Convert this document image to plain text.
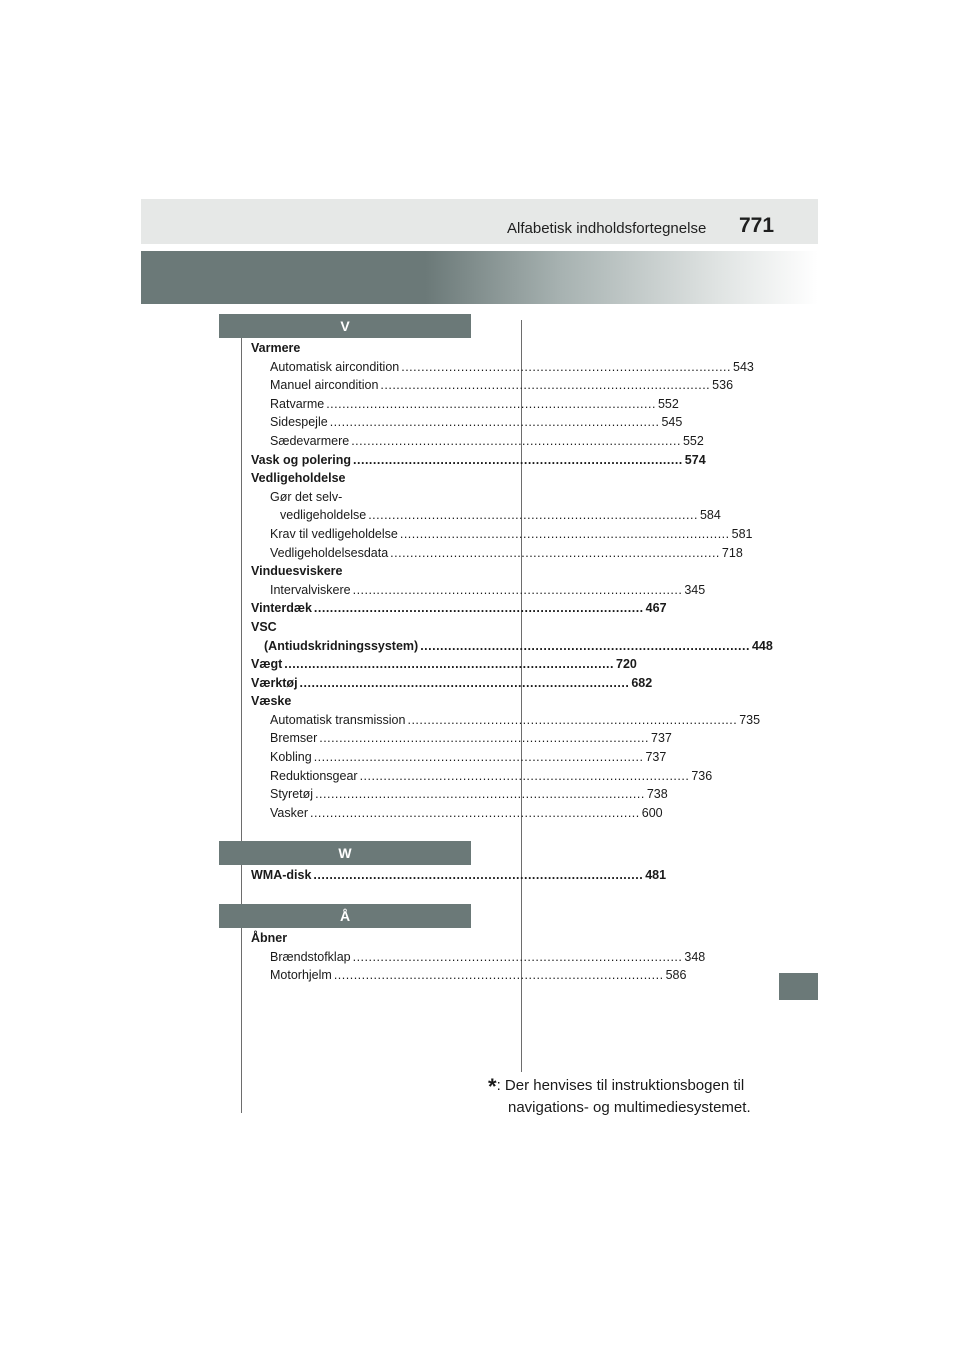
Alfabetisk indholdsfortegnelse 771
V
Varmere
Automatisk aircondition ................................................................................... 543
Manuel aircondition ................................................................................... 536
Ratvarme ................................................................................... 552
Sidespejle ................................................................................... 545
Sædevarmere ................................................................................... 552
Vask og polering ................................................................................... 574
Vedligeholdelse
Gør det selv-
vedligeholdelse ................................................................................... 584
Krav til vedligeholdelse ................................................................................... 581
Vedligeholdelsesdata ................................................................................... 718
Vinduesviskere
Intervalviskere ................................................................................... 345
Vinterdæk ................................................................................... 467
VSC
(Antiudskridningssystem) ................................................................................... 448
Vægt ................................................................................... 720
Værktøj ................................................................................... 682
Væske
Automatisk transmission ................................................................................... 735
Bremser ................................................................................... 737
Kobling ................................................................................... 737
Reduktionsgear ................................................................................... 736
Styretøj ................................................................................... 738
Vasker ................................................................................... 600
W
WMA-disk ................................................................................... 481
Å
Åbner
Brændstofklap ................................................................................... 348
Motorhjelm ................................................................................... 586
*: Der henvises til instruktionsbogen til
navigations- og multimediesystemet.
